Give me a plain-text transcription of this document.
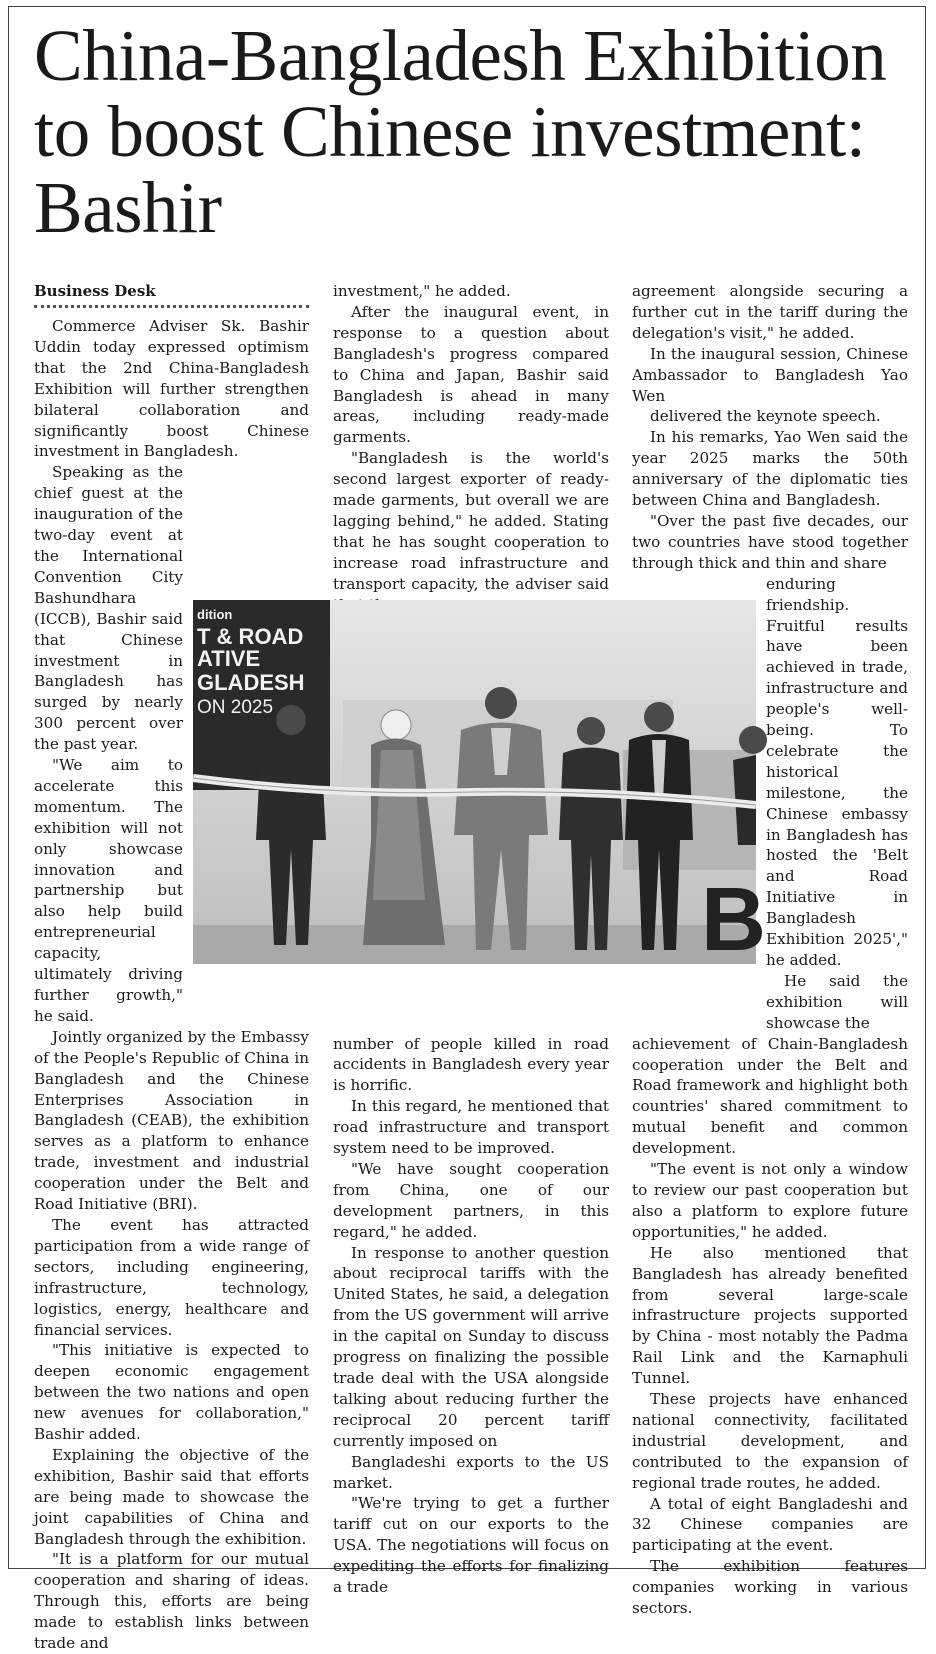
China-Bangladesh Exhibition to boost Chinese investment: Bashir
Business Desk

Commerce Adviser Sk. Bashir Uddin today expressed optimism that the 2nd China-Bangladesh Exhibition will further strengthen bilateral collaboration and significantly boost Chinese investment in Bangladesh.

Speaking as the chief guest at the inauguration of the two-day event at the International Convention City Bashundhara (ICCB), Bashir said that Chinese investment in Bangladesh has surged by nearly 300 percent over the past year.

"We aim to accelerate this momentum. The exhibition will not only showcase innovation and partnership but also help build entrepreneurial capacity, ultimately driving further growth," he said.

Jointly organized by the Embassy of the People's Republic of China in Bangladesh and the Chinese Enterprises Association in Bangladesh (CEAB), the exhibition serves as a platform to enhance trade, investment and industrial cooperation under the Belt and Road Initiative (BRI).

The event has attracted participation from a wide range of sectors, including engineering, infrastructure, technology, logistics, energy, healthcare and financial services.

"This initiative is expected to deepen economic engagement between the two nations and open new avenues for collaboration," Bashir added.

Explaining the objective of the exhibition, Bashir said that efforts are being made to showcase the joint capabilities of China and Bangladesh through the exhibition.

"It is a platform for our mutual cooperation and sharing of ideas. Through this, efforts are being made to establish links between trade and

investment," he added.

After the inaugural event, in response to a question about Bangladesh's progress compared to China and Japan, Bashir said Bangladesh is ahead in many areas, including ready-made garments.

"Bangladesh is the world's second largest exporter of ready-made garments, but overall we are lagging behind," he added. Stating that he has sought cooperation to increase road infrastructure and transport capacity, the adviser said

number of people killed in road accidents in Bangladesh every year is horrific.

In this regard, he mentioned that road infrastructure and transport system need to be improved.

"We have sought cooperation from China, one of our development partners, in this regard," he added.

In response to another question about reciprocal tariffs with the United States, he said, a delegation from the US government will arrive in the capital on Sunday to discuss progress on finalizing the possible trade deal with the USA alongside talking about reducing further the reciprocal 20 percent tariff currently imposed on

Bangladeshi exports to the US market.

"We're trying to get a further tariff cut on our exports to the USA. The negotiations will focus on expediting the efforts for finalizing a trade

agreement alongside securing a further cut in the tariff during the delegation's visit," he added.

In the inaugural session, Chinese Ambassador to Bangladesh Yao Wen

delivered the keynote speech.

In his remarks, Yao Wen said the year 2025 marks the 50th anniversary of the diplomatic ties between China and Bangladesh.

"Over the past five decades, our two countries have stood together through thick and thin and share

enduring friendship. Fruitful results have been achieved in trade, infrastructure and people's well-being. To celebrate the historical milestone, the Chinese embassy in Bangladesh has hosted the 'Belt and Road Initiative in Bangladesh Exhibition 2025'," he added.

He said the exhibition will showcase the

achievement of Chain-Bangladesh cooperation under the Belt and Road framework and highlight both countries' shared commitment to mutual benefit and common development.

"The event is not only a window to review our past cooperation but also a platform to explore future opportunities," he added.

He also mentioned that Bangladesh has already benefited from several large-scale infrastructure projects supported by China - most notably the Padma Rail Link and the Karnaphuli Tunnel.

These projects have enhanced national connectivity, facilitated industrial development, and contributed to the expansion of regional trade routes, he added.

A total of eight Bangladeshi and 32 Chinese companies are participating at the event.

The exhibition features companies working in various sectors.

dition
T & ROAD
ATIVE
GLADESH
ON 2025
B
